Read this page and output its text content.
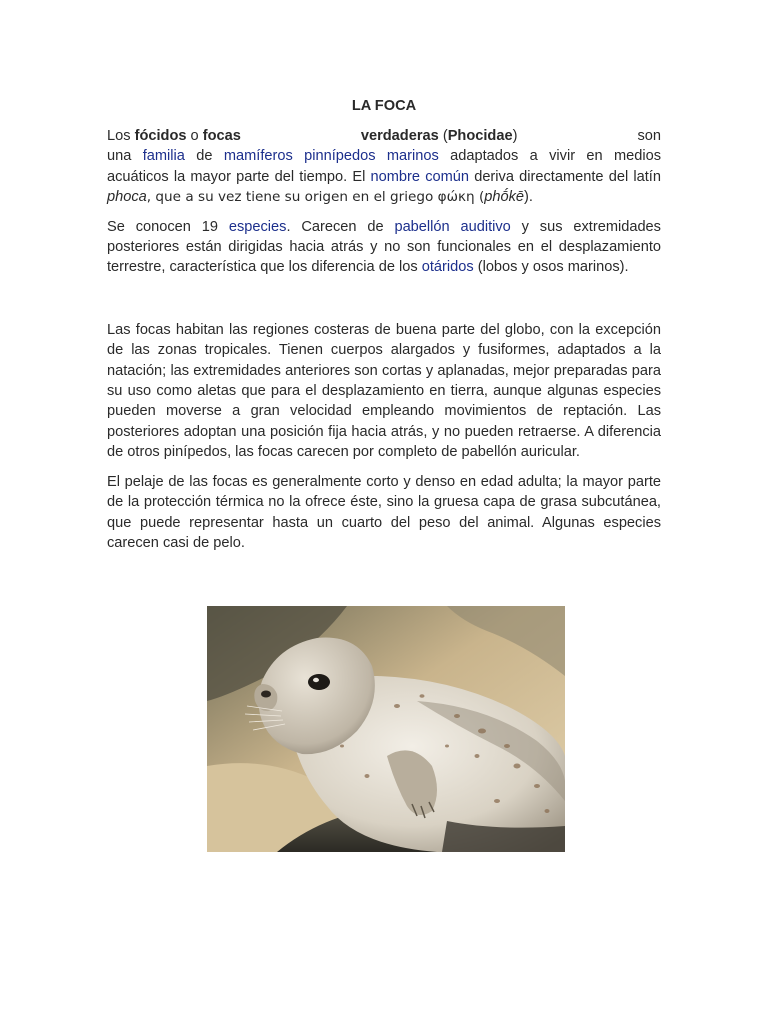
LA FOCA

Los fócidos o focas	verdaderas (Phocidae)	son
una familia de mamíferos pinnípedos marinos adaptados a vivir en medios
acuáticos la mayor parte del tiempo. El nombre común deriva directamente del latín phoca, que a su vez tiene su origen en el griego φώκη (phṓkē).

Se conocen 19 especies. Carecen de pabellón auditivo y sus extremidades posteriores están dirigidas hacia atrás y no son funcionales en el desplazamiento terrestre, característica que los diferencia de los otáridos (lobos y osos marinos).

Las focas habitan las regiones costeras de buena parte del globo, con la excepción de las zonas tropicales. Tienen cuerpos alargados y fusiformes, adaptados a la natación; las extremidades anteriores son cortas y aplanadas, mejor preparadas para su uso como aletas que para el desplazamiento en tierra, aunque algunas especies pueden moverse a gran velocidad empleando movimientos de reptación. Las posteriores adoptan una posición fija hacia atrás, y no pueden retraerse. A diferencia de otros pinípedos, las focas carecen por completo de pabellón auricular.

El pelaje de las focas es generalmente corto y denso en edad adulta; la mayor parte de la protección térmica no la ofrece éste, sino la gruesa capa de grasa subcutánea, que puede representar hasta un cuarto del peso del animal. Algunas especies carecen casi de pelo.
